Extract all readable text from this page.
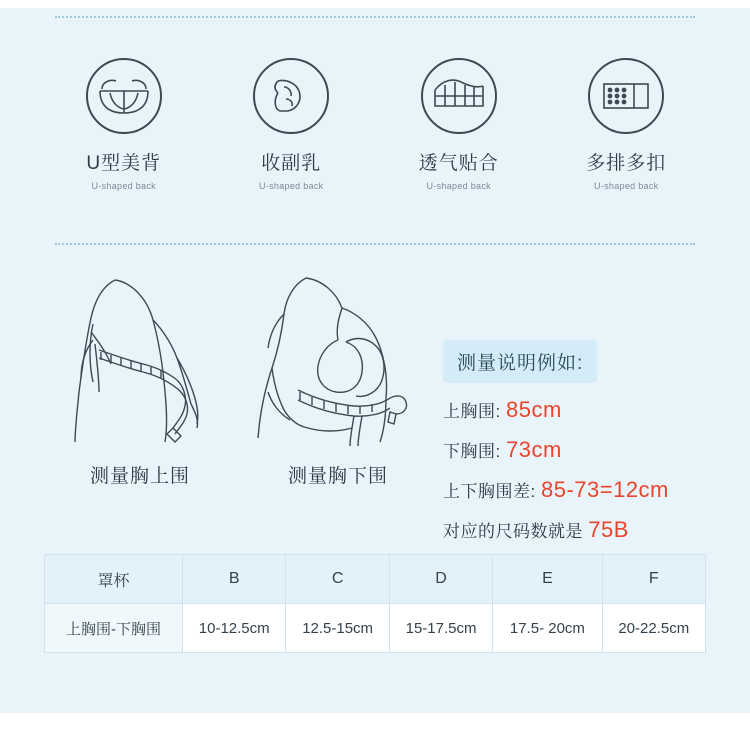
U型美背
U-shaped back
收副乳
U-shaped back
透气贴合
U-shaped back
多排多扣
U-shaped back
测量胸上围	测量胸下围
测量说明例如:
上胸围: 85cm
下胸围: 73cm
上下胸围差: 85-73=12cm
对应的尺码数就是 75B
罩杯	B	C	D	E	F
上胸围-下胸围	10-12.5cm	12.5-15cm	15-17.5cm	17.5- 20cm	20-22.5cm
